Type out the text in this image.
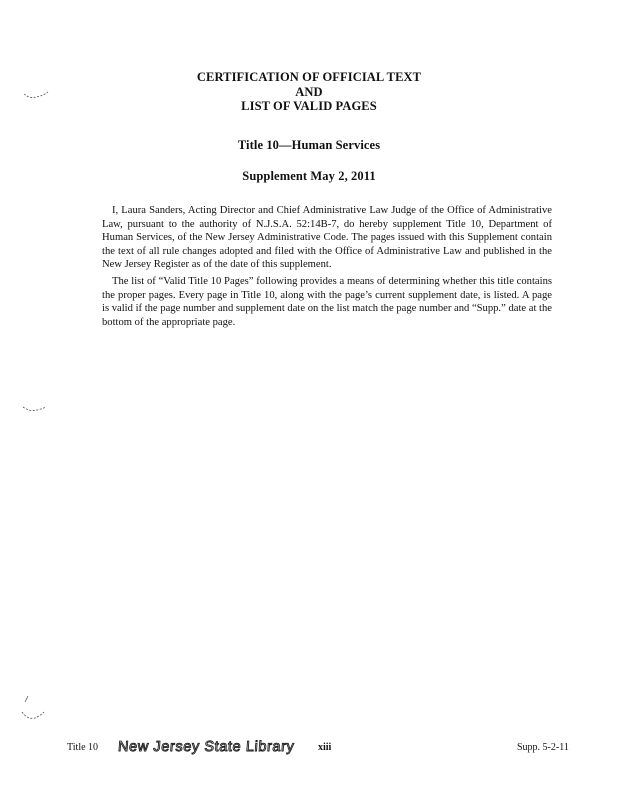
CERTIFICATION OF OFFICIAL TEXT
AND
LIST OF VALID PAGES
Title 10—Human Services
Supplement May 2, 2011

I, Laura Sanders, Acting Director and Chief Administrative Law Judge of the Office of Administrative Law, pursuant to the authority of N.J.S.A. 52:14B-7, do hereby supplement Title 10, Department of Human Services, of the New Jersey Administrative Code. The pages issued with this Supplement contain the text of all rule changes adopted and filed with the Office of Administrative Law and published in the New Jersey Register as of the date of this supplement.

The list of “Valid Title 10 Pages” following provides a means of determining whether this title contains the proper pages. Every page in Title 10, along with the page’s current supplement date, is listed. A page is valid if the page number and supplement date on the list match the page number and “Supp.” date at the bottom of the appropriate page.

Title 10 New Jersey State Library xiii	Supp. 5-2-11
